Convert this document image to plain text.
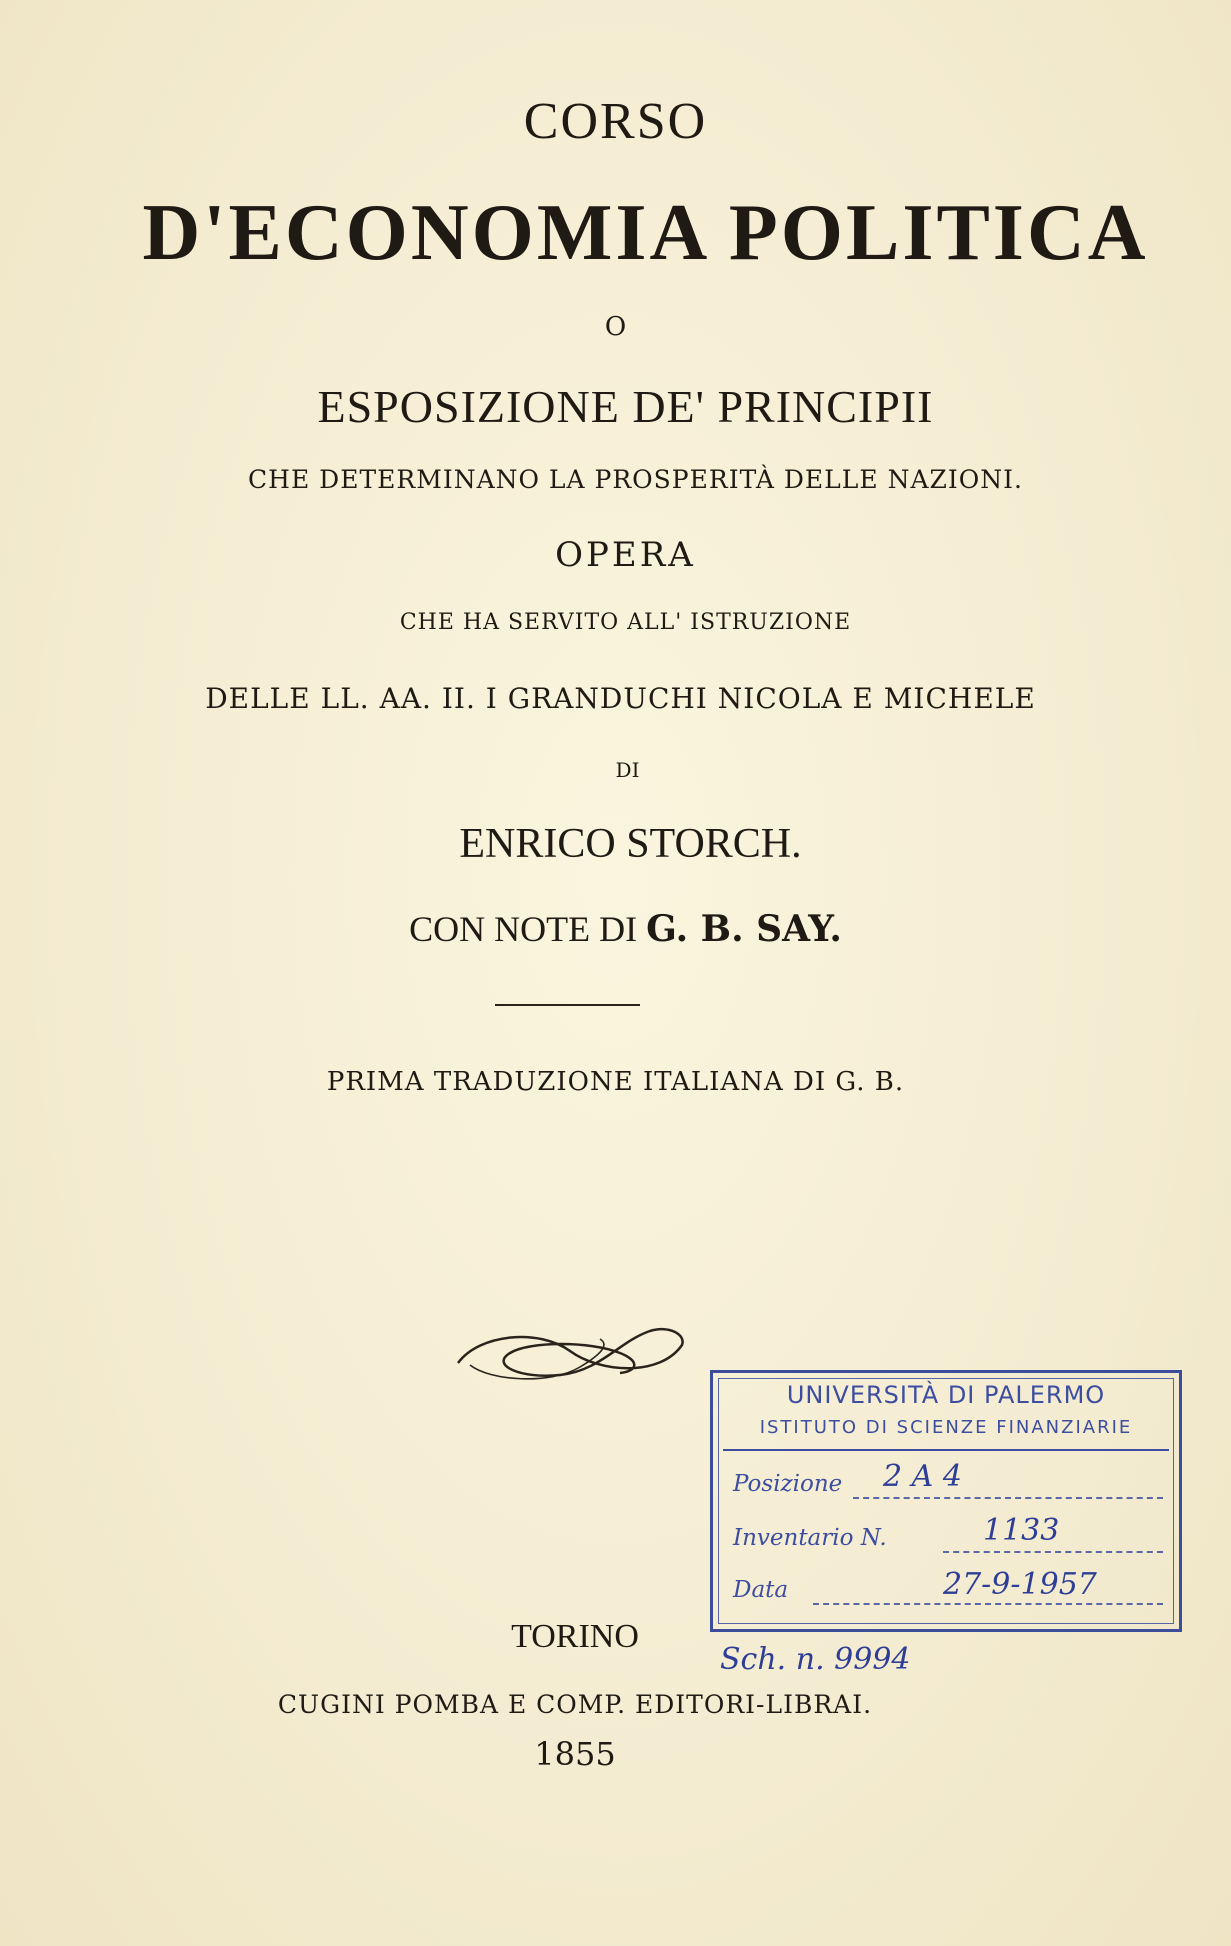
CORSO
D'ECONOMIA POLITICA
O
ESPOSIZIONE DE' PRINCIPII
CHE DETERMINANO LA PROSPERITÀ DELLE NAZIONI.
OPERA
CHE HA SERVITO ALL' ISTRUZIONE
DELLE LL. AA. II. I GRANDUCHI NICOLA E MICHELE
DI
ENRICO STORCH.
CON NOTE DI G. B. SAY.
PRIMA TRADUZIONE ITALIANA DI G. B.
TORINO
CUGINI POMBA E COMP. EDITORI-LIBRAI.
1855
UNIVERSITÀ DI PALERMO
ISTITUTO DI SCIENZE FINANZIARIE
Posizione 2 A 4
Inventario N.	1133
Data	27-9-1957
Sch. n. 9994
